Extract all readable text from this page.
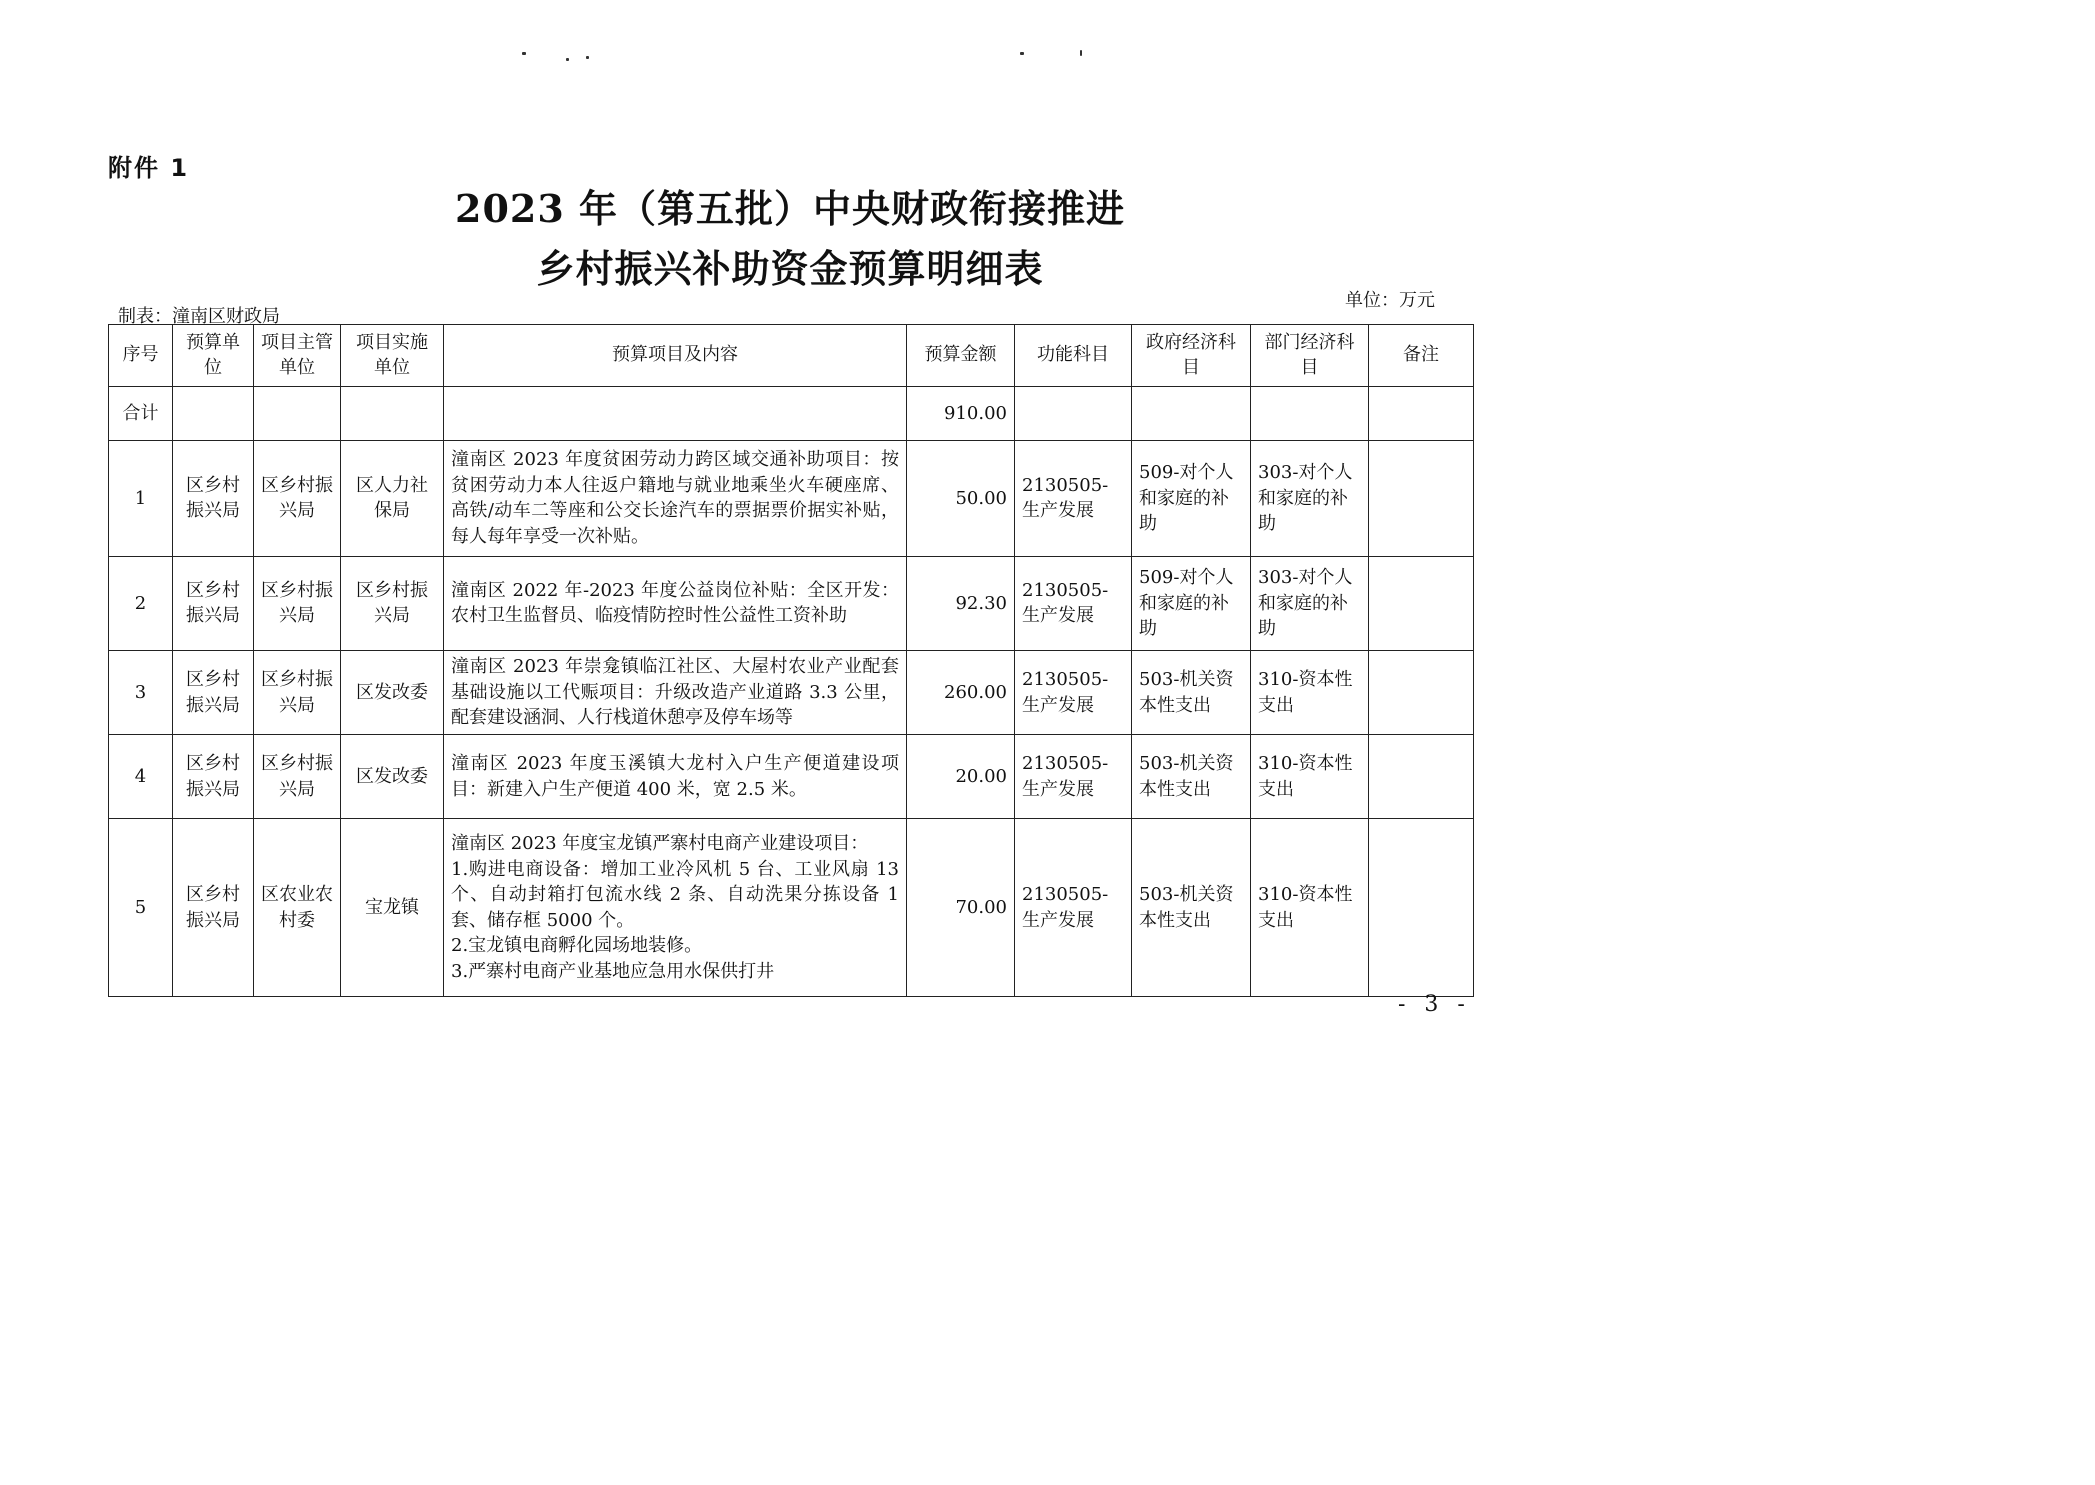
附件 1
2023 年（第五批）中央财政衔接推进
乡村振兴补助资金预算明细表
制表：潼南区财政局
单位：万元
序号	预算单位	项目主管单位	项目实施单位	预算项目及内容	预算金额	功能科目	政府经济科目	部门经济科目	备注
合计					910.00				
1	区乡村振兴局	区乡村振兴局	区人力社保局	潼南区 2023 年度贫困劳动力跨区域交通补助项目：按贫困劳动力本人往返户籍地与就业地乘坐火车硬座席、高铁/动车二等座和公交长途汽车的票据票价据实补贴，每人每年享受一次补贴。	50.00	2130505-生产发展	509-对个人和家庭的补助	303-对个人和家庭的补助	
2	区乡村振兴局	区乡村振兴局	区乡村振兴局	潼南区 2022 年-2023 年度公益岗位补贴：全区开发：农村卫生监督员、临疫情防控时性公益性工资补助	92.30	2130505-生产发展	509-对个人和家庭的补助	303-对个人和家庭的补助	
3	区乡村振兴局	区乡村振兴局	区发改委	潼南区 2023 年崇龛镇临江社区、大屋村农业产业配套基础设施以工代赈项目：升级改造产业道路 3.3 公里，配套建设涵洞、人行栈道休憩亭及停车场等	260.00	2130505-生产发展	503-机关资本性支出	310-资本性支出	
4	区乡村振兴局	区乡村振兴局	区发改委	潼南区 2023 年度玉溪镇大龙村入户生产便道建设项目：新建入户生产便道 400 米，宽 2.5 米。	20.00	2130505-生产发展	503-机关资本性支出	310-资本性支出	
5	区乡村振兴局	区农业农村委	宝龙镇	潼南区 2023 年度宝龙镇严寨村电商产业建设项目：
1.购进电商设备：增加工业冷风机 5 台、工业风扇 13 个、自动封箱打包流水线 2 条、自动洗果分拣设备 1 套、储存框 5000 个。
2.宝龙镇电商孵化园场地装修。
3.严寨村电商产业基地应急用水保供打井	70.00	2130505-生产发展	503-机关资本性支出	310-资本性支出	
- 3 -
